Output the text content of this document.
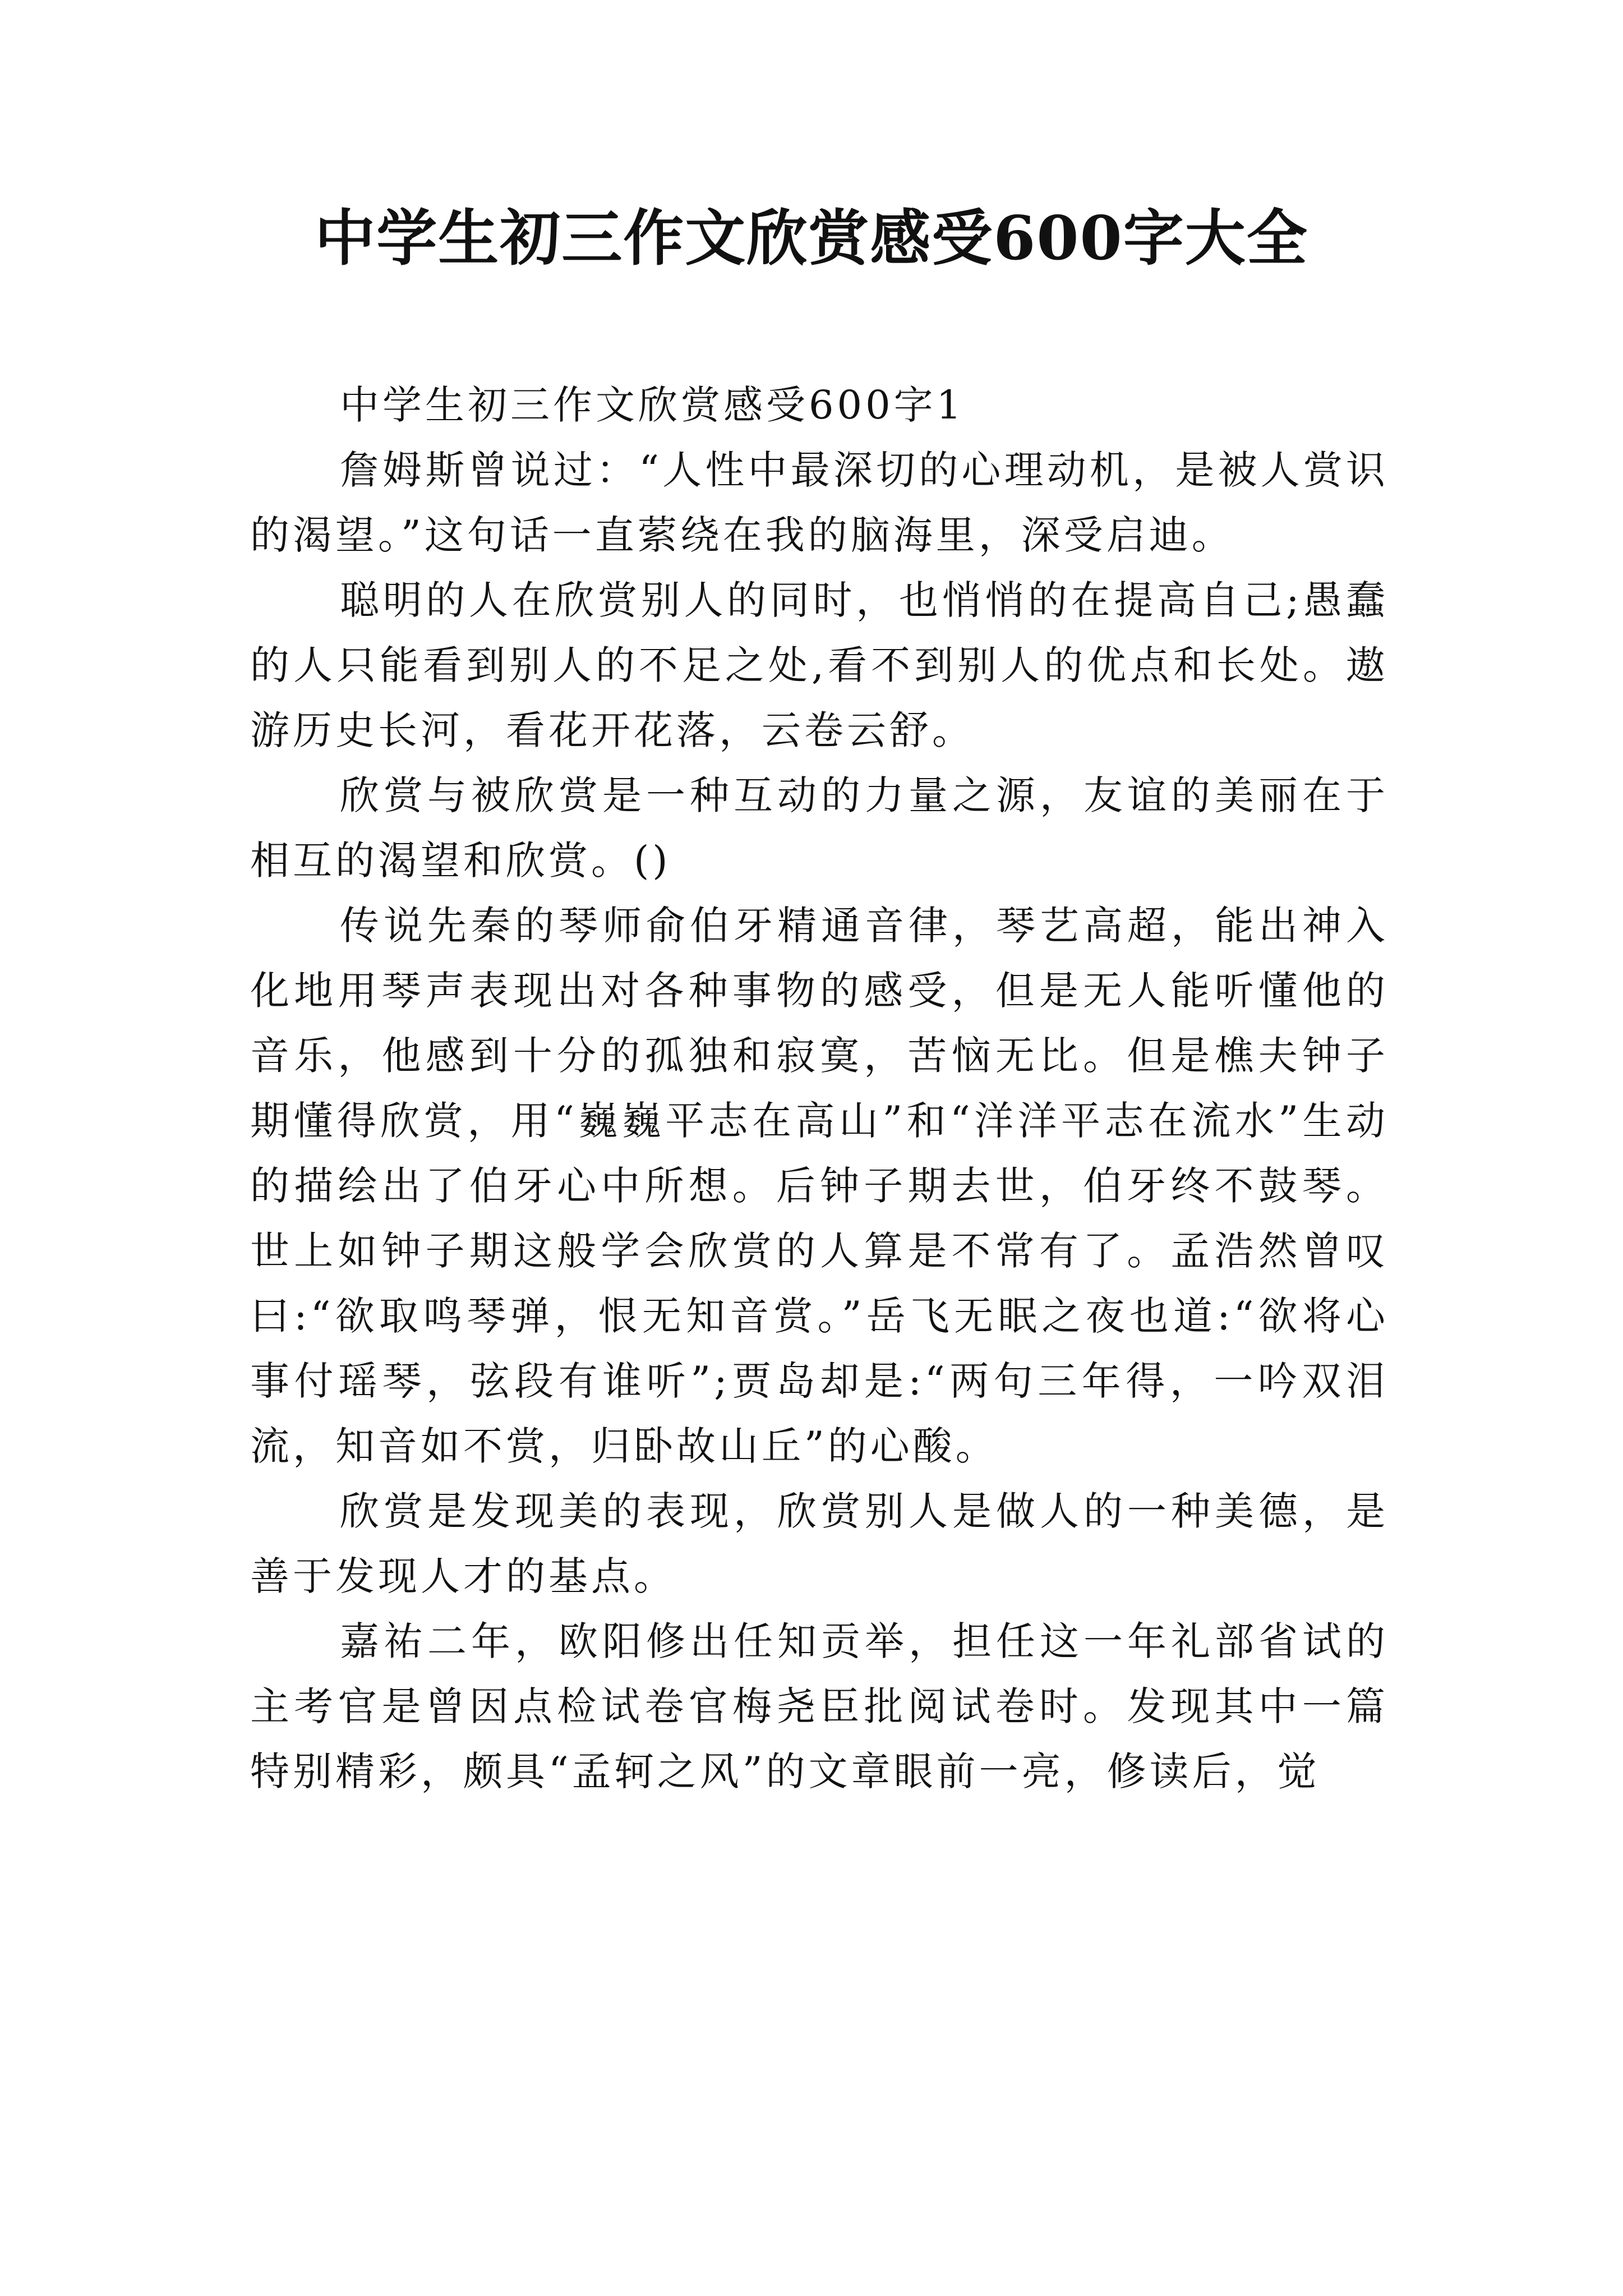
中学生初三作文欣赏感受600字大全

中学生初三作文欣赏感受600字1

詹姆斯曾说过：“人性中最深切的心理动机，是被人赏识的渴望。”这句话一直萦绕在我的脑海里，深受启迪。

聪明的人在欣赏别人的同时，也悄悄的在提高自己;愚蠢的人只能看到别人的不足之处,看不到别人的优点和长处。遨游历史长河，看花开花落，云卷云舒。

欣赏与被欣赏是一种互动的力量之源，友谊的美丽在于相互的渴望和欣赏。()

传说先秦的琴师俞伯牙精通音律，琴艺高超，能出神入化地用琴声表现出对各种事物的感受，但是无人能听懂他的音乐，他感到十分的孤独和寂寞，苦恼无比。但是樵夫钟子期懂得欣赏，用“巍巍平志在高山”和“洋洋平志在流水”生动的描绘出了伯牙心中所想。后钟子期去世，伯牙终不鼓琴。世上如钟子期这般学会欣赏的人算是不常有了。孟浩然曾叹曰:“欲取鸣琴弹，恨无知音赏。”岳飞无眠之夜也道:“欲将心事付瑶琴，弦段有谁听”;贾岛却是:“两句三年得，一吟双泪流，知音如不赏，归卧故山丘”的心酸。

欣赏是发现美的表现，欣赏别人是做人的一种美德，是善于发现人才的基点。

嘉祐二年，欧阳修出任知贡举，担任这一年礼部省试的主考官是曾因点检试卷官梅尧臣批阅试卷时。发现其中一篇特别精彩，颇具“孟轲之风”的文章眼前一亮，修读后，觉
